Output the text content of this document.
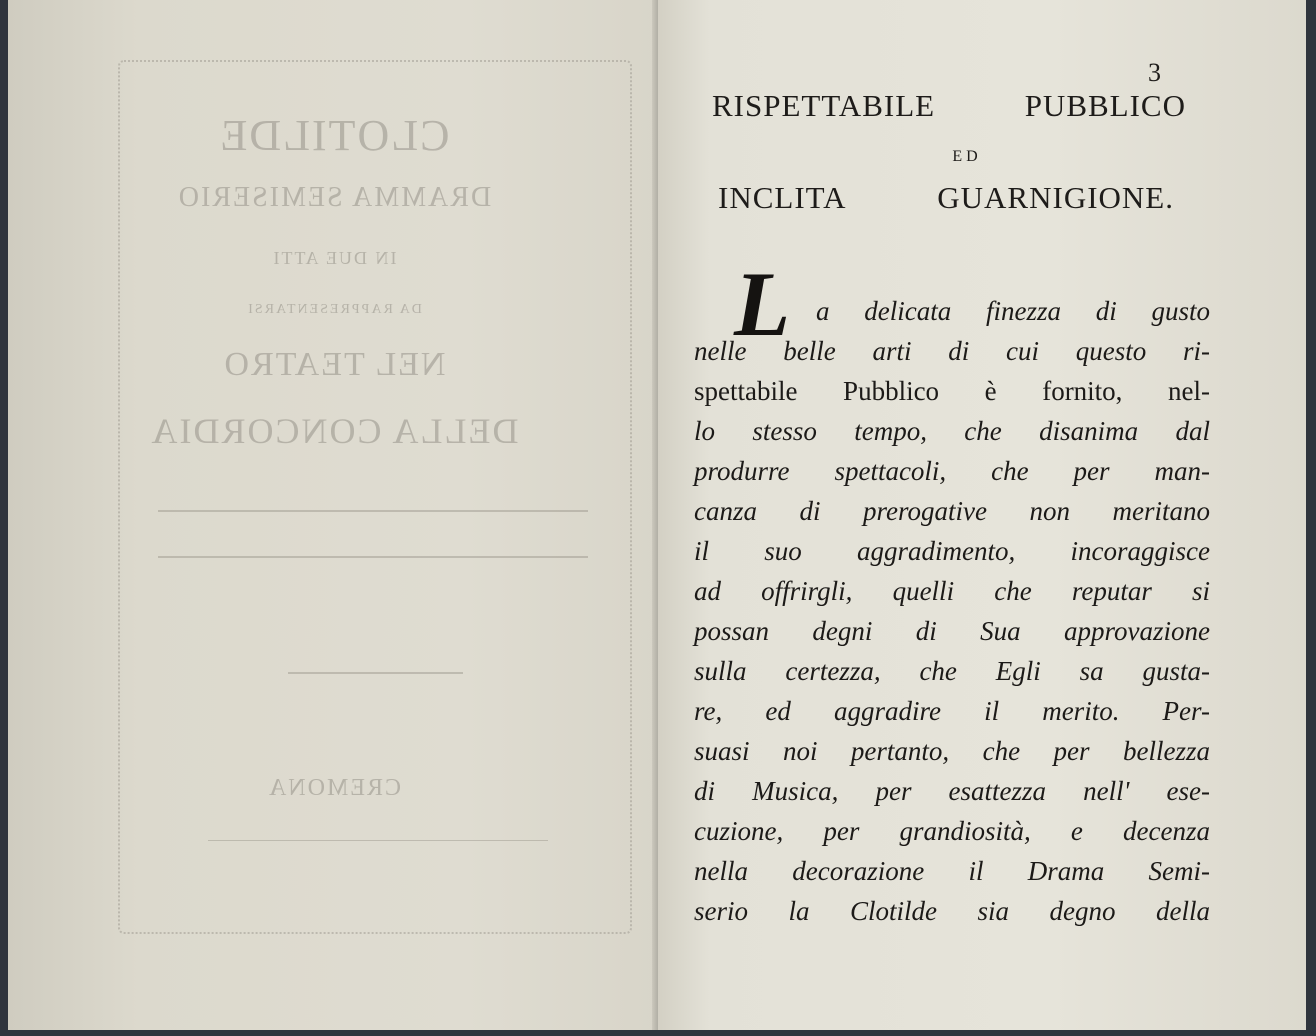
CLOTILDE
DRAMMA SEMISERIO
IN DUE ATTI
DA RAPPRESENTARSI
NEL TEATRO
DELLA CONCORDIA
CREMONA
3
RISPETTABILE	PUBBLICO
ED
INCLITA	GUARNIGIONE.
L a delicata finezza di gusto
nelle belle arti di cui questo ri-
spettabile Pubblico è fornito, nel-
lo stesso tempo, che disanima dal
produrre spettacoli, che per man-
canza di prerogative non meritano
il suo aggradimento, incoraggisce
ad offrirgli, quelli che reputar si
possan degni di Sua approvazione
sulla certezza, che Egli sa gusta-
re, ed aggradire il merito. Per-
suasi noi pertanto, che per bellezza
di Musica, per esattezza nell' ese-
cuzione, per grandiosità, e decenza
nella decorazione il Drama Semi-
serio la Clotilde sia degno della
